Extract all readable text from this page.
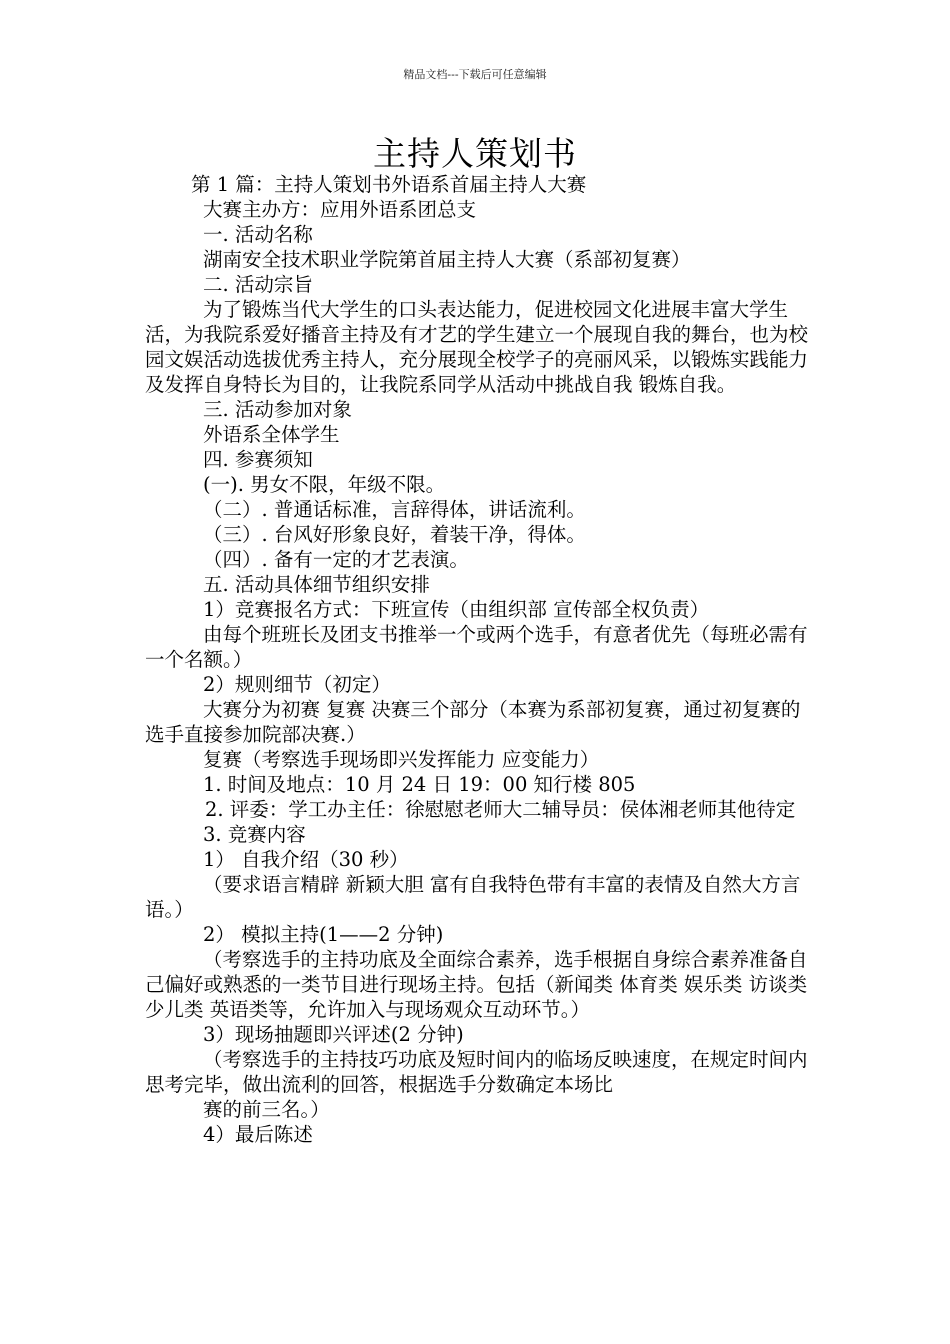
精品文档---下载后可任意编辑
主持人策划书

第 1 篇：主持人策划书外语系首届主持人大赛

大赛主办方：应用外语系团总支

一. 活动名称

湖南安全技术职业学院第首届主持人大赛（系部初复赛）

二. 活动宗旨

为了锻炼当代大学生的口头表达能力，促进校园文化进展丰富大学生活，为我院系爱好播音主持及有才艺的学生建立一个展现自我的舞台，也为校园文娱活动选拔优秀主持人，充分展现全校学子的亮丽风采，以锻炼实践能力及发挥自身特长为目的，让我院系同学从活动中挑战自我 锻炼自我。

三. 活动参加对象

外语系全体学生

四. 参赛须知

(一). 男女不限，年级不限。

（二）. 普通话标准，言辞得体，讲话流利。

（三）. 台风好形象良好，着装干净，得体。

（四）. 备有一定的才艺表演。

五. 活动具体细节组织安排

1）竞赛报名方式：下班宣传（由组织部 宣传部全权负责）

由每个班班长及团支书推举一个或两个选手，有意者优先（每班必需有一个名额。）

2）规则细节（初定）

大赛分为初赛 复赛 决赛三个部分（本赛为系部初复赛，通过初复赛的选手直接参加院部决赛.）

复赛（考察选手现场即兴发挥能力 应变能力）

1. 时间及地点：10 月 24 日 19：00 知行楼 805

2. 评委：学工办主任：徐慰慰老师大二辅导员：侯体湘老师其他待定

3. 竞赛内容

1） 自我介绍（30 秒）

（要求语言精辟 新颖大胆 富有自我特色带有丰富的表情及自然大方言语。）

2） 模拟主持(1——2 分钟)

（考察选手的主持功底及全面综合素养，选手根据自身综合素养准备自己偏好或熟悉的一类节目进行现场主持。包括（新闻类 体育类 娱乐类 访谈类 少儿类 英语类等，允许加入与现场观众互动环节。）

3）现场抽题即兴评述(2 分钟)

（考察选手的主持技巧功底及短时间内的临场反映速度，在规定时间内思考完毕，做出流利的回答，根据选手分数确定本场比

赛的前三名。）

4）最后陈述
